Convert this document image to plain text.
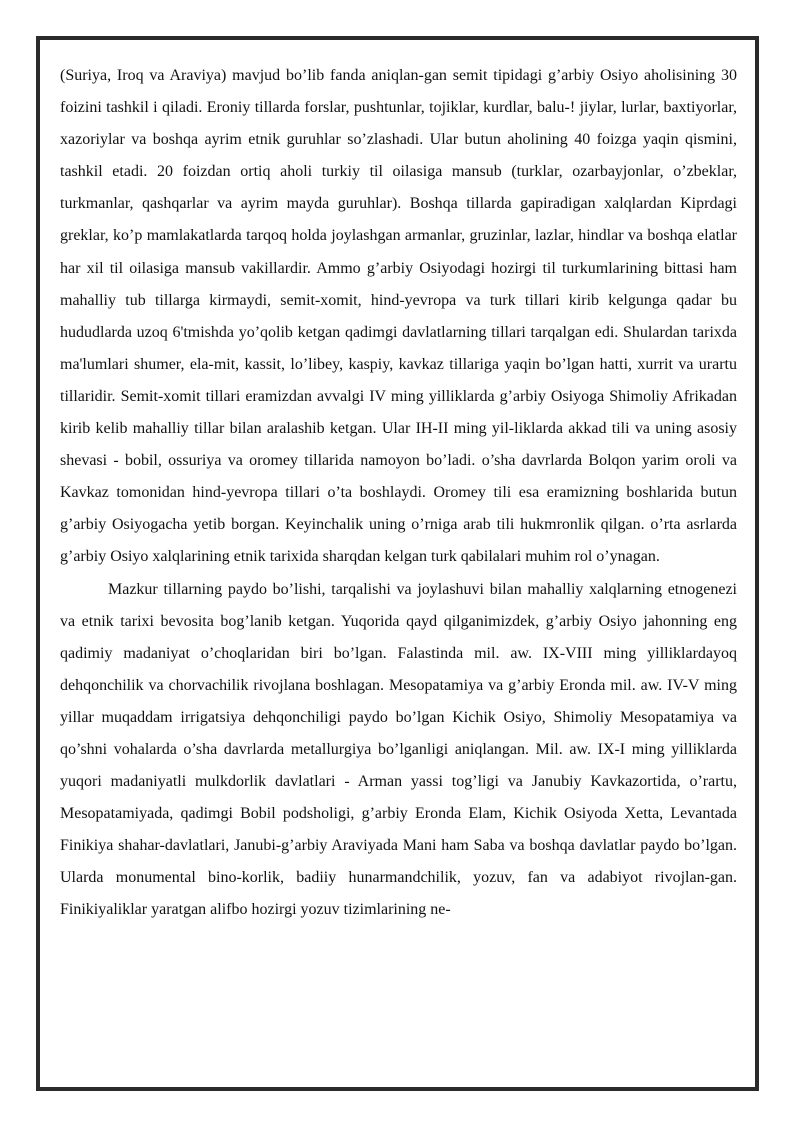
(Suriya, Iroq va Araviya) mavjud bo’lib fanda aniqlan-gan semit tipidagi g’arbiy Osiyo aholisining 30 foizini tashkil i qiladi. Eroniy tillarda forslar, pushtunlar, tojiklar, kurdlar, balu-! jiylar, lurlar, baxtiyorlar, xazoriylar va boshqa ayrim etnik guruhlar so’zlashadi. Ular butun aholining 40 foizga yaqin qismini, tashkil etadi. 20 foizdan ortiq aholi turkiy til oilasiga mansub (turklar, ozarbayjonlar, o’zbeklar, turkmanlar, qashqarlar va ayrim mayda guruhlar). Boshqa tillarda gapiradigan xalqlardan Kiprdagi greklar, ko’p mamlakatlarda tarqoq holda joylashgan armanlar, gruzinlar, lazlar, hindlar va boshqa elatlar har xil til oilasiga mansub vakillardir. Ammo g’arbiy Osiyodagi hozirgi til turkumlarining bittasi ham mahalliy tub tillarga kirmaydi, semit-xomit, hind-yevropa va turk tillari kirib kelgunga qadar bu hududlarda uzoq 6'tmishda yo’qolib ketgan qadimgi davlatlarning tillari tarqalgan edi. Shulardan tarixda ma'lumlari shumer, ela-mit, kassit, lo’libey, kaspiy, kavkaz tillariga yaqin bo’lgan hatti, xurrit va urartu tillaridir. Semit-xomit tillari eramizdan avvalgi IV ming yilliklarda g’arbiy Osiyoga Shimoliy Afrikadan kirib kelib mahalliy tillar bilan aralashib ketgan. Ular IH-II ming yil-liklarda akkad tili va uning asosiy shevasi - bobil, ossuriya va oromey tillarida namoyon bo’ladi. o’sha davrlarda Bolqon yarim oroli va Kavkaz tomonidan hind-yevropa tillari o’ta boshlaydi. Oromey tili esa eramizning boshlarida butun g’arbiy Osiyogacha yetib borgan. Keyinchalik uning o’rniga arab tili hukmronlik qilgan. o’rta asrlarda g’arbiy Osiyo xalqlarining etnik tarixida sharqdan kelgan turk qabilalari muhim rol o’ynagan.

Mazkur tillarning paydo bo’lishi, tarqalishi va joylashuvi bilan mahalliy xalqlarning etnogenezi va etnik tarixi bevosita bog’lanib ketgan. Yuqorida qayd qilganimizdek, g’arbiy Osiyo jahonning eng qadimiy madaniyat o’choqlaridan biri bo’lgan. Falastinda mil. aw. IX-VIII ming yilliklardayoq dehqonchilik va chorvachilik rivojlana boshlagan. Mesopatamiya va g’arbiy Eronda mil. aw. IV-V ming yillar muqaddam irrigatsiya dehqonchiligi paydo bo’lgan Kichik Osiyo, Shimoliy Mesopatamiya va qo’shni vohalarda o’sha davrlarda metallurgiya bo’lganligi aniqlangan. Mil. aw. IX-I ming yilliklarda yuqori madaniyatli mulkdorlik davlatlari - Arman yassi tog’ligi va Janubiy Kavkazortida, o’rartu, Mesopatamiyada, qadimgi Bobil podsholigi, g’arbiy Eronda Elam, Kichik Osiyoda Xetta, Levantada Finikiya shahar-davlatlari, Janubi-g’arbiy Araviyada Mani ham Saba va boshqa davlatlar paydo bo’lgan. Ularda monumental bino-korlik, badiiy hunarmandchilik, yozuv, fan va adabiyot rivojlan-gan. Finikiyaliklar yaratgan alifbo hozirgi yozuv tizimlarining ne-
